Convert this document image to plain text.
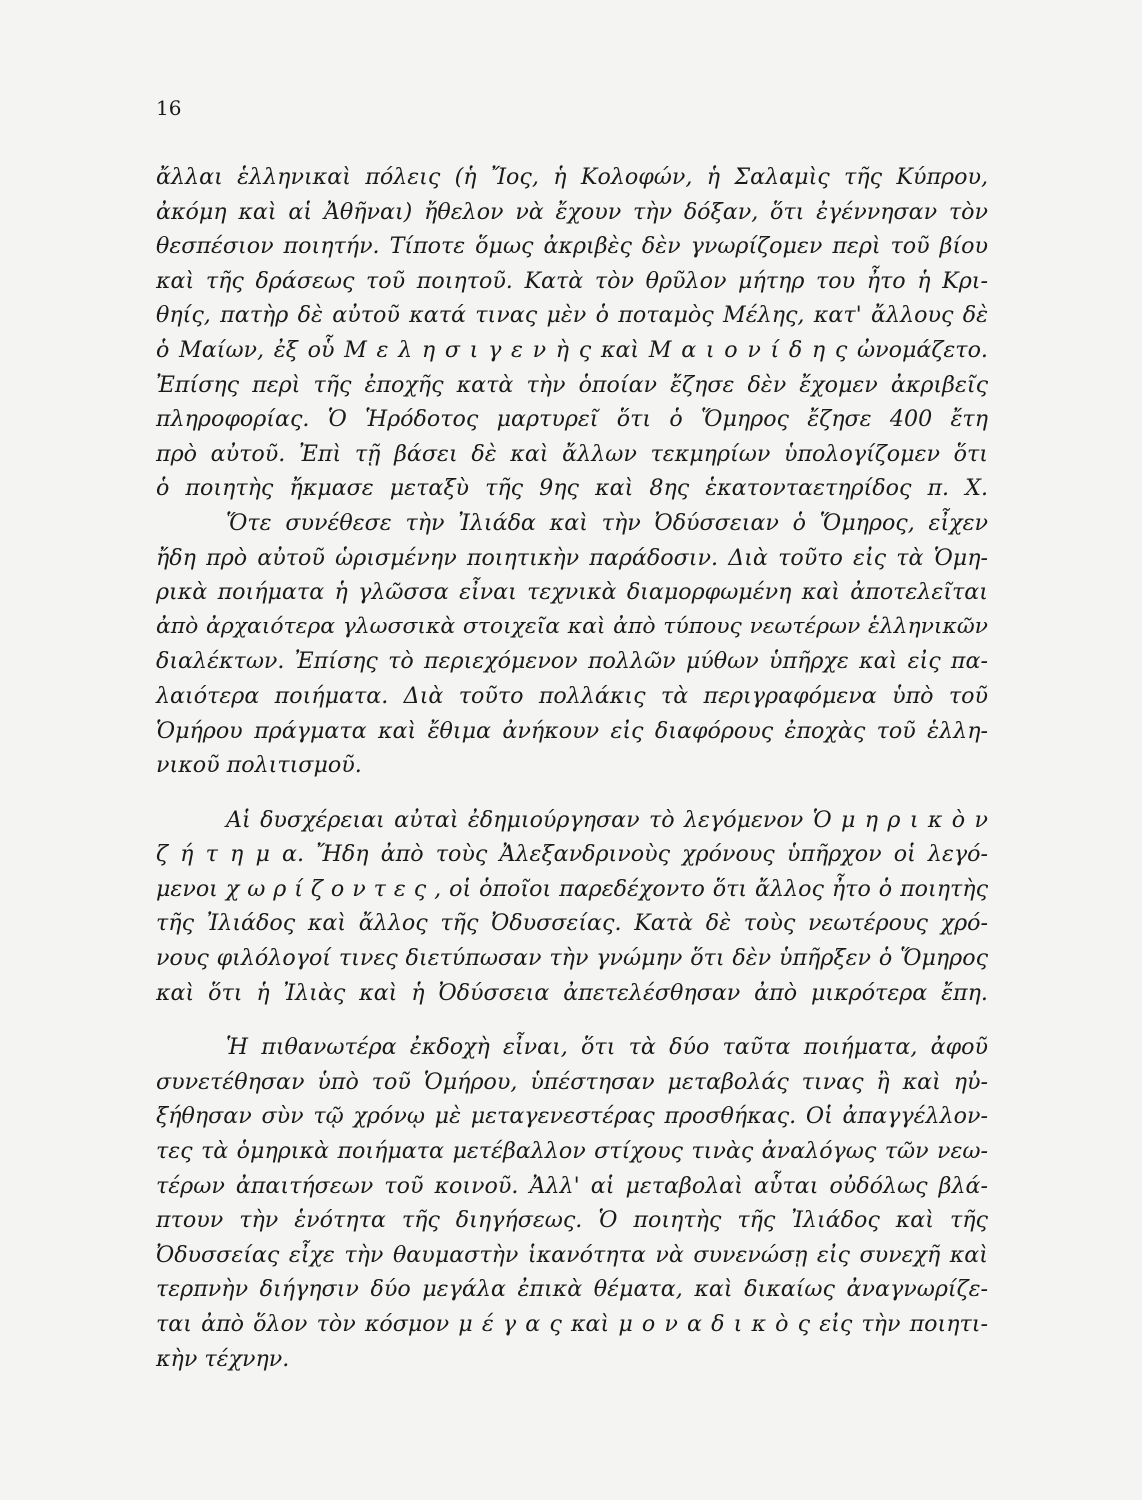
16
ἄλλαι ἑλληνικαὶ πόλεις (ἡ Ἴος, ἡ Κολοφών, ἡ Σαλαμὶς τῆς Κύπρου,
ἀκόμη καὶ αἱ Ἀθῆναι) ἤθελον νὰ ἔχουν τὴν δόξαν, ὅτι ἐγέννησαν τὸν
θεσπέσιον ποιητήν. Τίποτε ὅμως ἀκριβὲς δὲν γνωρίζομεν περὶ τοῦ βίου
καὶ τῆς δράσεως τοῦ ποιητοῦ. Κατὰ τὸν θρῦλον μήτηρ του ἦτο ἡ Κρι-
θηίς, πατὴρ δὲ αὐτοῦ κατά τινας μὲν ὁ ποταμὸς Μέλης, κατ' ἄλλους δὲ
ὁ Μαίων, ἐξ οὗ Μ ε λ η σ ι γ ε ν ὴ ς καὶ Μ α ι ο ν ί δ η ς ὠνομάζετο.
Ἐπίσης περὶ τῆς ἐποχῆς κατὰ τὴν ὁποίαν ἔζησε δὲν ἔχομεν ἀκριβεῖς
πληροφορίας. Ὁ Ἡρόδοτος μαρτυρεῖ ὅτι ὁ Ὅμηρος ἔζησε 400 ἔτη
πρὸ αὐτοῦ. Ἐπὶ τῇ βάσει δὲ καὶ ἄλλων τεκμηρίων ὑπολογίζομεν ὅτι
ὁ ποιητὴς ἤκμασε μεταξὺ τῆς 9ης καὶ 8ης ἑκατονταετηρίδος π. Χ.
Ὅτε συνέθεσε τὴν Ἰλιάδα καὶ τὴν Ὀδύσσειαν ὁ Ὅμηρος, εἶχεν
ἤδη πρὸ αὐτοῦ ὡρισμένην ποιητικὴν παράδοσιν. Διὰ τοῦτο εἰς τὰ Ὁμη-
ρικὰ ποιήματα ἡ γλῶσσα εἶναι τεχνικὰ διαμορφωμένη καὶ ἀποτελεῖται
ἀπὸ ἀρχαιότερα γλωσσικὰ στοιχεῖα καὶ ἀπὸ τύπους νεωτέρων ἑλληνικῶν
διαλέκτων. Ἐπίσης τὸ περιεχόμενον πολλῶν μύθων ὑπῆρχε καὶ εἰς πα-
λαιότερα ποιήματα. Διὰ τοῦτο πολλάκις τὰ περιγραφόμενα ὑπὸ τοῦ
Ὁμήρου πράγματα καὶ ἔθιμα ἀνήκουν εἰς διαφόρους ἐποχὰς τοῦ ἑλλη-
νικοῦ πολιτισμοῦ.
Αἱ δυσχέρειαι αὐταὶ ἐδημιούργησαν τὸ λεγόμενον Ὁ μ η ρ ι κ ὸ ν
ζ ή τ η μ α. Ἤδη ἀπὸ τοὺς Ἀλεξανδρινοὺς χρόνους ὑπῆρχον οἱ λεγό-
μενοι χ ω ρ ί ζ ο ν τ ε ς , οἱ ὁποῖοι παρεδέχοντο ὅτι ἄλλος ἦτο ὁ ποιητὴς
τῆς Ἰλιάδος καὶ ἄλλος τῆς Ὀδυσσείας. Κατὰ δὲ τοὺς νεωτέρους χρό-
νους φιλόλογοί τινες διετύπωσαν τὴν γνώμην ὅτι δὲν ὑπῆρξεν ὁ Ὅμηρος
καὶ ὅτι ἡ Ἰλιὰς καὶ ἡ Ὀδύσσεια ἀπετελέσθησαν ἀπὸ μικρότερα ἔπη.
Ἡ πιθανωτέρα ἐκδοχὴ εἶναι, ὅτι τὰ δύο ταῦτα ποιήματα, ἀφοῦ
συνετέθησαν ὑπὸ τοῦ Ὁμήρου, ὑπέστησαν μεταβολάς τινας ἢ καὶ ηὐ-
ξήθησαν σὺν τῷ χρόνῳ μὲ μεταγενεστέρας προσθήκας. Οἱ ἀπαγγέλλον-
τες τὰ ὁμηρικὰ ποιήματα μετέβαλλον στίχους τινὰς ἀναλόγως τῶν νεω-
τέρων ἀπαιτήσεων τοῦ κοινοῦ. Ἀλλ' αἱ μεταβολαὶ αὗται οὐδόλως βλά-
πτουν τὴν ἑνότητα τῆς διηγήσεως. Ὁ ποιητὴς τῆς Ἰλιάδος καὶ τῆς
Ὀδυσσείας εἶχε τὴν θαυμαστὴν ἱκανότητα νὰ συνενώσῃ εἰς συνεχῆ καὶ
τερπνὴν διήγησιν δύο μεγάλα ἐπικὰ θέματα, καὶ δικαίως ἀναγνωρίζε-
ται ἀπὸ ὅλον τὸν κόσμον μ έ γ α ς καὶ μ ο ν α δ ι κ ὸ ς εἰς τὴν ποιητι-
κὴν τέχνην.
